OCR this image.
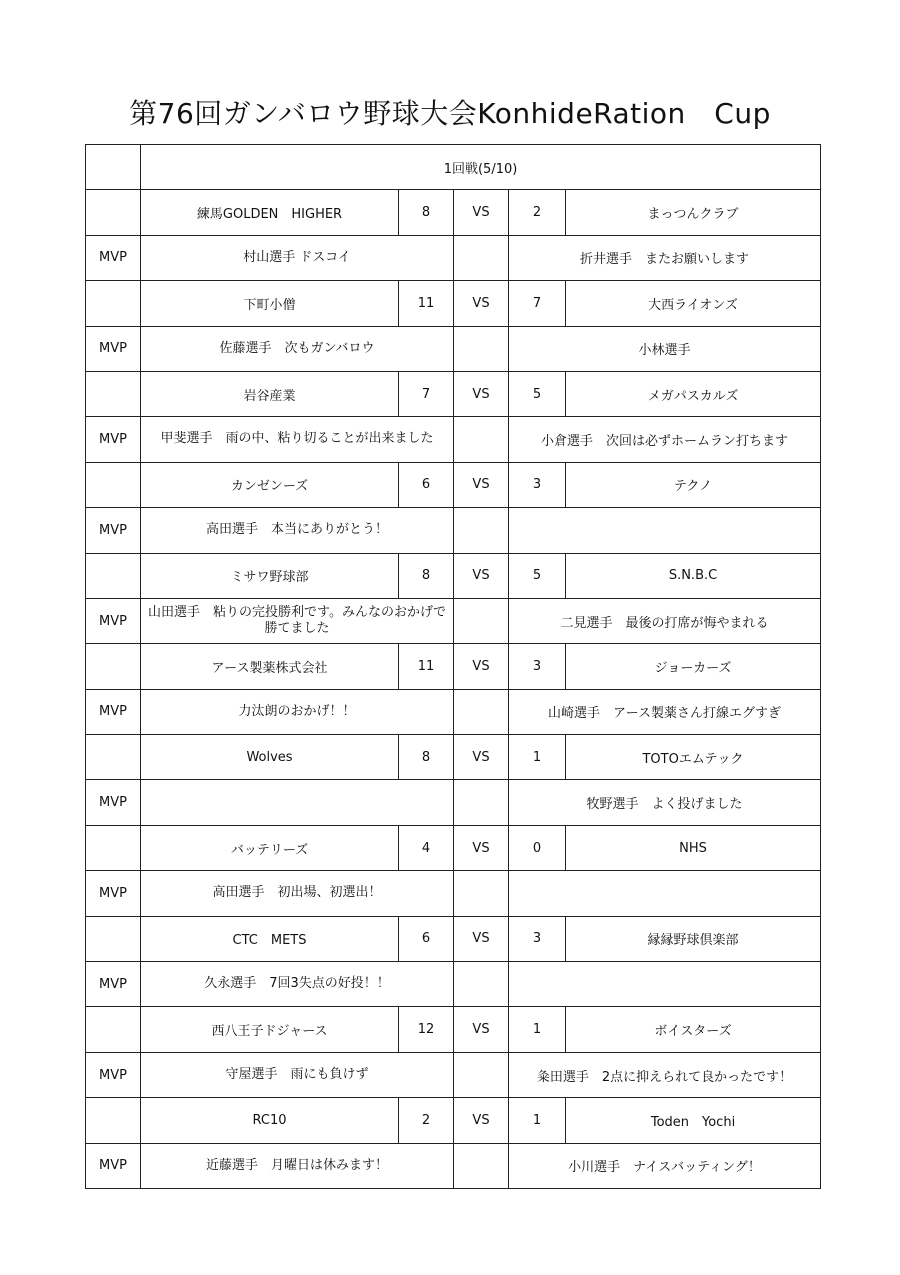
第76回ガンバロウ野球大会KonhideRation　Cup
	1回戦(5/10)				
	練馬GOLDEN　HIGHER	8	VS	2	まっつんクラブ
MVP	村山選手 ドスコイ			折井選手　またお願いします	
	下町小僧	11	VS	7	大西ライオンズ
MVP	佐藤選手　次もガンバロウ			小林選手	
	岩谷産業	7	VS	5	メガパスカルズ
MVP	甲斐選手　雨の中、粘り切ることが出来ました			小倉選手　次回は必ずホームラン打ちます	
	カンゼンーズ	6	VS	3	テクノ
MVP	高田選手　本当にありがとう！				

	ミサワ野球部	8	VS	5	S.N.B.C
MVP	山田選手　粘りの完投勝利です。みんなのおかげで勝てました			二見選手　最後の打席が悔やまれる	
	アース製薬株式会社	11	VS	3	ジョーカーズ
MVP	力汰朗のおかげ！！			山崎選手　アース製薬さん打線エグすぎ	
	Wolves	8	VS	1	TOTOエムテック
MVP				牧野選手　よく投げました	
	バッテリーズ	4	VS	0	NHS
MVP	高田選手　初出場、初選出！				

	CTC　METS	6	VS	3	縁縁野球倶楽部
MVP	久永選手　7回3失点の好投！！				

	西八王子ドジャース	12	VS	1	ボイスターズ
MVP	守屋選手　雨にも負けず			粂田選手　2点に抑えられて良かったです！	
	RC10	2	VS	1	Toden　Yochi
MVP	近藤選手　月曜日は休みます！			小川選手　ナイスバッティング！	
